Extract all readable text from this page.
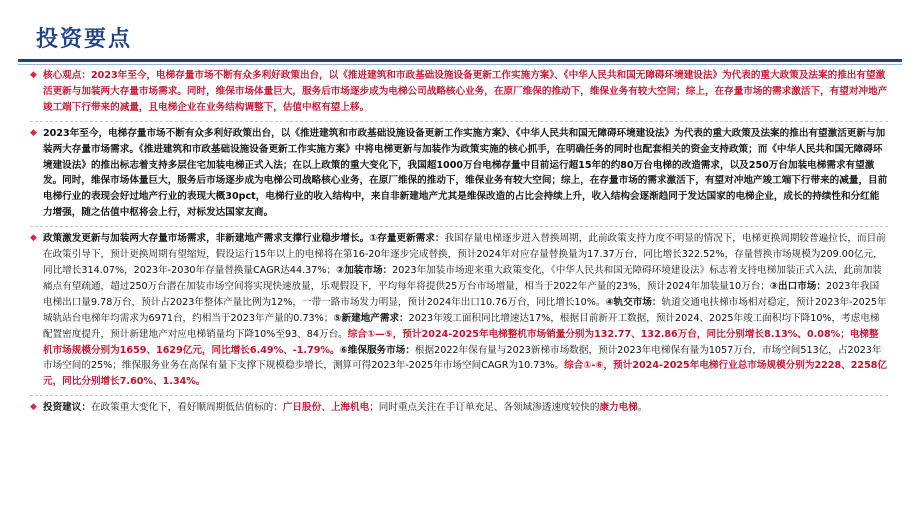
投资要点
◆ 核心观点：2023年至今，电梯存量市场不断有众多利好政策出台，以《推进建筑和市政基础设施设备更新工作实施方案》、《中华人民共和国无障碍环境建设法》为代表的重大政策及法案的推出有望激活更新与加装两大存量市场需求。同时，维保市场体量巨大，服务后市场逐步成为电梯公司战略核心业务，在原厂维保的推动下，维保业务有较大空间；综上，在存量市场的需求激活下，有望对冲地产竣工端下行带来的减量，且电梯企业在业务结构调整下，估值中枢有望上移。
◆ 2023年至今，电梯存量市场不断有众多利好政策出台，以《推进建筑和市政基础设施设备更新工作实施方案》、《中华人民共和国无障碍环境建设法》为代表的重大政策及法案的推出有望激活更新与加装两大存量市场需求。《推进建筑和市政基础设施设备更新工作实施方案》中将电梯更新与加装作为政策实施的核心抓手，在明确任务的同时也配套相关的资金支持政策；而《中华人民共和国无障碍环境建设法》的推出标志着支持多层住宅加装电梯正式入法；在以上政策的重大变化下，我国超1000万台电梯存量中目前运行超15年的约80万台电梯的改造需求，以及250万台加装电梯需求有望激发。同时，维保市场体量巨大，服务后市场逐步成为电梯公司战略核心业务，在原厂维保的推动下，维保业务有较大空间；综上，在存量市场的需求激活下，有望对冲地产竣工端下行带来的减量，目前电梯行业的表现会好过地产行业的表现大概30pct，电梯行业的收入结构中，来自非新建地产尤其是维保改造的占比会持续上升，收入结构会逐渐趋同于发达国家的电梯企业，成长的持续性和分红能力增强，随之估值中枢将会上行，对标发达国家友商。
◆ 政策激发更新与加装两大存量市场需求，非新建地产需求支撑行业稳步增长。①存量更新需求：我国存量电梯逐步进入替换周期，此前政策支持力度不明显的情况下，电梯更换周期较普遍拉长，而目前在政策引导下，预计更换周期有望缩短，假设运行15年以上的电梯将在第16-20年逐步完成替换，预计2024年对应存量替换量为17.37万台，同比增长322.52%，存量替换市场规模为209.00亿元，同比增长314.07%，2023年-2030年存量替换量CAGR达44.37%；②加装市场：2023年加装市场迎来重大政策变化，《中华人民共和国无障碍环境建设法》标志着支持电梯加装正式入法，此前加装痛点有望疏通，超过250万台潜在加装市场空间将实现快速放量，乐观假设下，平均每年将提供25万台市场增量，相当于2022年产量的23%，预计2024年加装量10万台；③出口市场：2023年我国电梯出口量9.78万台，预计占2023年整体产量比例为12%，一带一路市场发力明显，预计2024年出口10.76万台，同比增长10%。④轨交市场：轨道交通电扶梯市场相对稳定，预计2023年-2025年城轨站台电梯年均需求为6971台，约相当于2023年产量的0.73%；⑤新建地产需求：2023年竣工面积同比增速达17%，根据目前新开工数据，预计2024、2025年竣工面积均下降10%，考虑电梯配置密度提升，预计新建地产对应电梯销量均下降10%至93、84万台。综合①—⑤，预计2024-2025年电梯整机市场销量分别为132.77、132.86万台，同比分别增长8.13%、0.08%；电梯整机市场规模分别为1659、1629亿元，同比增长6.49%、-1.79%。⑥维保服务市场：根据2022年保有量与2023新梯市场数据，预计2023年电梯保有量为1057万台，市场空间513亿，占2023年市场空间的25%；维保服务业务在高保有量下支撑下规模稳步增长，测算可得2023年-2025年市场空间CAGR为10.73%。综合①-⑥，预计2024-2025年电梯行业总市场规模分别为2228、2258亿元，同比分别增长7.60%、1.34%。
◆ 投资建议：在政策重大变化下，看好顺周期低估值标的：广日股份、上海机电；同时重点关注在手订单充足、各领域渗透速度较快的康力电梯。
